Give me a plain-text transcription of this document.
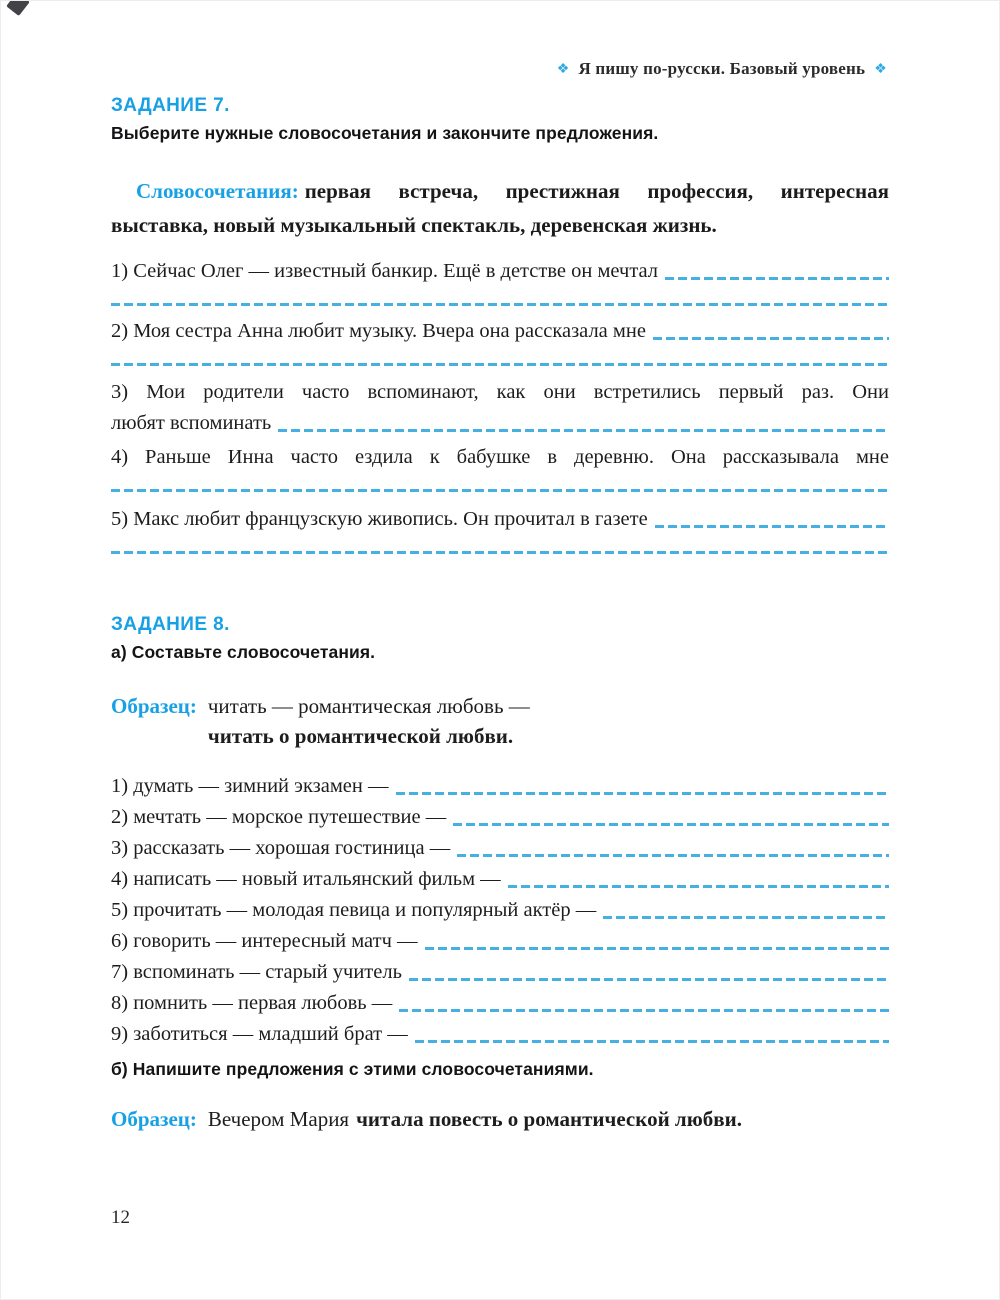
❖ Я пишу по-русски. Базовый уровень ❖
ЗАДАНИЕ 7.
Выберите нужные словосочетания и закончите предложения.

Словосочетания: первая встреча, престижная профессия, интересная выставка, новый музыкальный спектакль, деревенская жизнь.

1) Сейчас Олег — известный банкир. Ещё в детстве он мечтал
2) Моя сестра Анна любит музыку. Вчера она рассказала мне
3) Мои родители часто вспоминают, как они встретились первый раз. Они
любят вспоминать
4) Раньше Инна часто ездила к бабушке в деревню. Она рассказывала мне
5) Макс любит французскую живопись. Он прочитал в газете
ЗАДАНИЕ 8.
а) Составьте словосочетания.
Образец: читать — романтическая любовь —
читать о романтической любви.
1) думать — зимний экзамен —
2) мечтать — морское путешествие —
3) рассказать — хорошая гостиница —
4) написать — новый итальянский фильм —
5) прочитать — молодая певица и популярный актёр —
6) говорить — интересный матч —
7) вспоминать — старый учитель
8) помнить — первая любовь —
9) заботиться — младший брат —
б) Напишите предложения с этими словосочетаниями.
Образец: Вечером Мария читала повесть о романтической любви.
12
